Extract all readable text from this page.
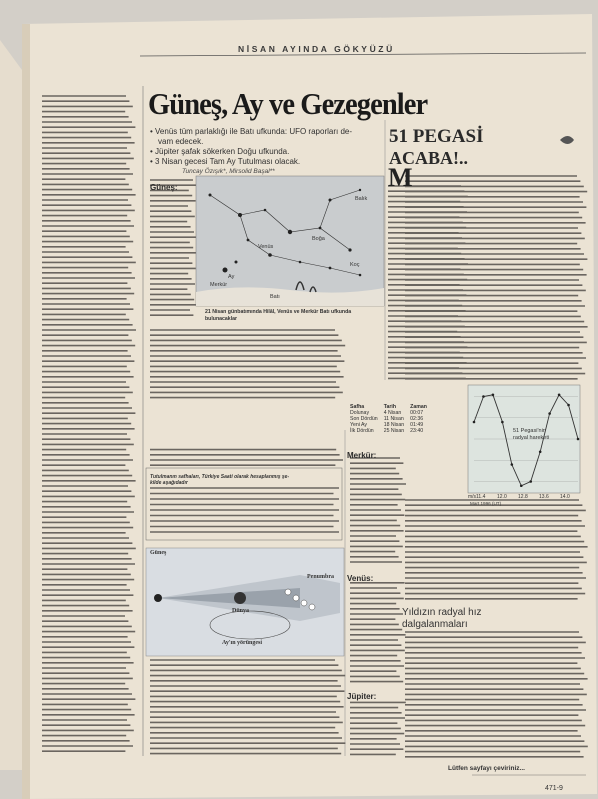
NİSAN AYINDA GÖKYÜZÜ

Güneş, Ay ve Gezegenler

• Venüs tüm parlaklığı ile Batı ufkunda: UFO raporları de-

vam edecek.

• Jüpiter şafak sökerken Doğu ufkunda.

• 3 Nisan gecesi Tam Ay Tutulması olacak.

Tuncay Özışık*, Mirsolid Başal**

51 PEGASİ

ACABA!..

M

Güneş:

Merkür:

Venüs:

Jüpiter:

Yıldızın radyal hız

dalgalanmaları

21 Nisan günbatımında Hilâl, Venüs ve Merkür Batı ufkunda

bulunacaklar

Ay
Venüs
Merkür
Boğa
Koç
Balık
Batı
Safha	Tarih	Zaman
Dolunay	4 Nisan	00:07
Son Dördün	11 Nisan	02:36
Yeni Ay	18 Nisan	01:49
İlk Dördün	25 Nisan	23:40

Tutulmanın safhaları, Türkiye Saati olarak hesaplanmış şe-

kilde aşağıdadır

Güneş
Dünya
Penumbra
Ay'ın yörüngesi

51 Pegasi'nin

radyal hareketi

Mart 1996 (UT)

m/s 11.4 12.0 12.8 13.6 14.0

Lütfen sayfayı çeviriniz...

471-9
